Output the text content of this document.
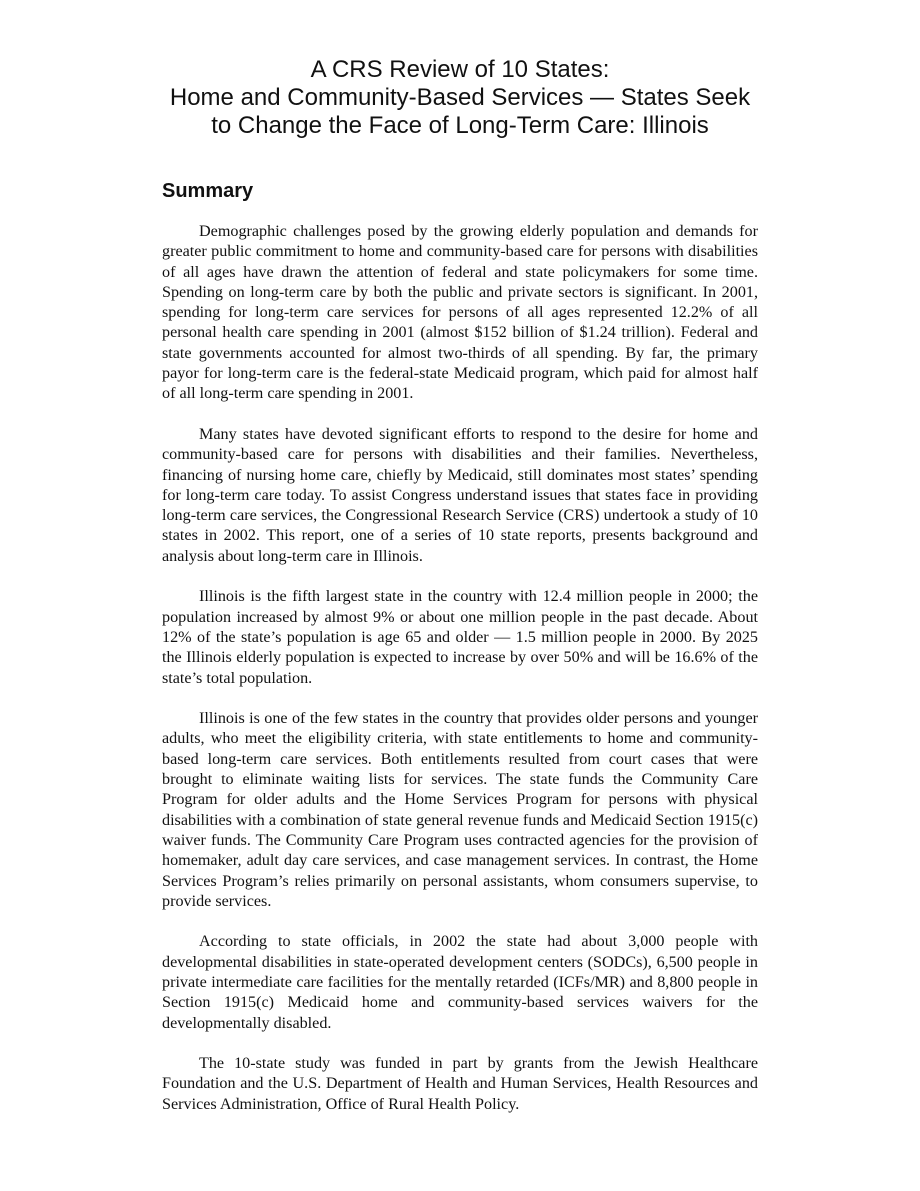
A CRS Review of 10 States:
Home and Community-Based Services — States Seek
to Change the Face of Long-Term Care: Illinois
Summary

Demographic challenges posed by the growing elderly population and demands for greater public commitment to home and community-based care for persons with disabilities of all ages have drawn the attention of federal and state policymakers for some time. Spending on long-term care by both the public and private sectors is significant. In 2001, spending for long-term care services for persons of all ages represented 12.2% of all personal health care spending in 2001 (almost $152 billion of $1.24 trillion). Federal and state governments accounted for almost two-thirds of all spending. By far, the primary payor for long-term care is the federal-state Medicaid program, which paid for almost half of all long-term care spending in 2001.

Many states have devoted significant efforts to respond to the desire for home and community-based care for persons with disabilities and their families. Nevertheless, financing of nursing home care, chiefly by Medicaid, still dominates most states’ spending for long-term care today. To assist Congress understand issues that states face in providing long-term care services, the Congressional Research Service (CRS) undertook a study of 10 states in 2002. This report, one of a series of 10 state reports, presents background and analysis about long-term care in Illinois.

Illinois is the fifth largest state in the country with 12.4 million people in 2000; the population increased by almost 9% or about one million people in the past decade. About 12% of the state’s population is age 65 and older — 1.5 million people in 2000. By 2025 the Illinois elderly population is expected to increase by over 50% and will be 16.6% of the state’s total population.

Illinois is one of the few states in the country that provides older persons and younger adults, who meet the eligibility criteria, with state entitlements to home and community-based long-term care services. Both entitlements resulted from court cases that were brought to eliminate waiting lists for services. The state funds the Community Care Program for older adults and the Home Services Program for persons with physical disabilities with a combination of state general revenue funds and Medicaid Section 1915(c) waiver funds. The Community Care Program uses contracted agencies for the provision of homemaker, adult day care services, and case management services. In contrast, the Home Services Program’s relies primarily on personal assistants, whom consumers supervise, to provide services.

According to state officials, in 2002 the state had about 3,000 people with developmental disabilities in state-operated development centers (SODCs), 6,500 people in private intermediate care facilities for the mentally retarded (ICFs/MR) and 8,800 people in Section 1915(c) Medicaid home and community-based services waivers for the developmentally disabled.

The 10-state study was funded in part by grants from the Jewish Healthcare Foundation and the U.S. Department of Health and Human Services, Health Resources and Services Administration, Office of Rural Health Policy.
